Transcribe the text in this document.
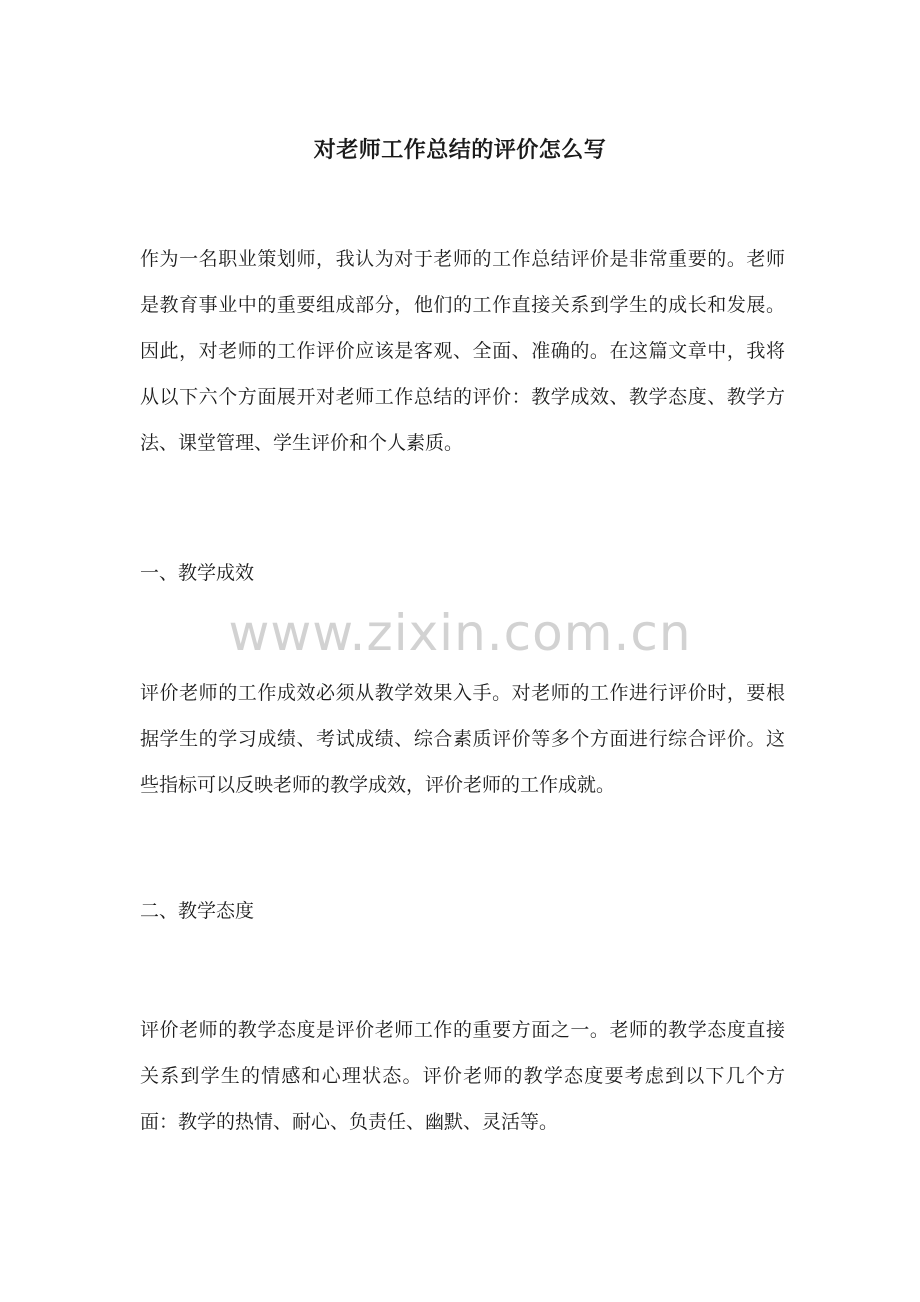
对老师工作总结的评价怎么写

作为一名职业策划师，我认为对于老师的工作总结评价是非常重要的。老师是教育事业中的重要组成部分，他们的工作直接关系到学生的成长和发展。因此，对老师的工作评价应该是客观、全面、准确的。在这篇文章中，我将从以下六个方面展开对老师工作总结的评价：教学成效、教学态度、教学方法、课堂管理、学生评价和个人素质。

一、教学成效

www.zixin.com.cn

评价老师的工作成效必须从教学效果入手。对老师的工作进行评价时，要根据学生的学习成绩、考试成绩、综合素质评价等多个方面进行综合评价。这些指标可以反映老师的教学成效，评价老师的工作成就。

二、教学态度

评价老师的教学态度是评价老师工作的重要方面之一。老师的教学态度直接关系到学生的情感和心理状态。评价老师的教学态度要考虑到以下几个方面：教学的热情、耐心、负责任、幽默、灵活等。
